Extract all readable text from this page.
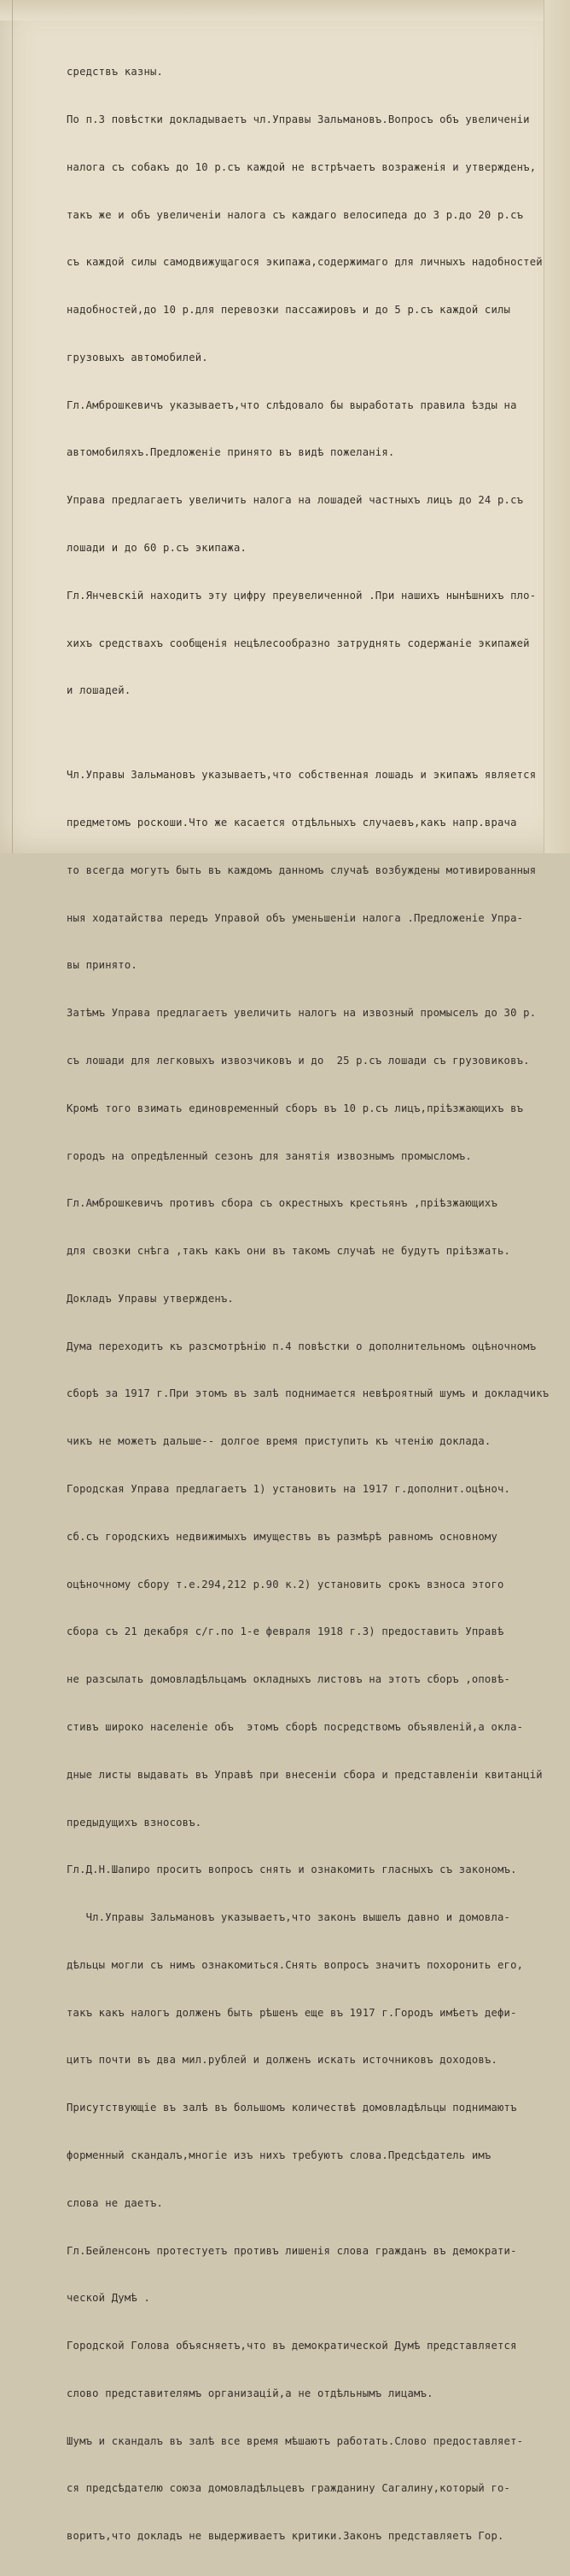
средствъ казны.

По п.3 повѣстки докладываетъ чл.Управы Зальмановъ.Вопросъ объ увеличеніи

налога съ собакъ до 10 р.съ каждой не встрѣчаетъ возраженія и утвержденъ,

такъ же и объ увеличеніи налога съ каждаго велосипеда до 3 р.до 20 р.съ

съ каждой силы самодвижущагося экипажа,содержимаго для личныхъ надобностей

надобностей,до 10 р.для перевозки пассажировъ и до 5 р.съ каждой силы

грузовыхъ автомобилей.

Гл.Амброшкевичъ указываетъ,что слѣдовало бы выработать правила ѣзды на

автомобиляхъ.Предложеніе принято въ видѣ пожеланія.

Управа предлагаетъ увеличить налога на лошадей частныхъ лицъ до 24 р.съ

лошади и до 60 р.съ экипажа.

Гл.Янчевскій находитъ эту цифру преувеличенной .При нашихъ нынѣшнихъ пло-

хихъ средствахъ сообщенія нецѣлесообразно затруднять содержаніе экипажей

и лошадей.

Чл.Управы Зальмановъ указываетъ,что собственная лошадь и экипажъ является

предметомъ роскоши.Что же касается отдѣльныхъ случаевъ,какъ напр.врача

то всегда могутъ быть въ каждомъ данномъ случаѣ возбуждены мотивированныя

ныя ходатайства передъ Управой объ уменьшеніи налога .Предложеніе Упра-

вы принято.

Затѣмъ Управа предлагаетъ увеличить налогъ на извозный промыселъ до 30 р.

съ лошади для легковыхъ извозчиковъ и до  25 р.съ лошади съ грузовиковъ.

Кромѣ того взимать единовременный сборъ въ 10 р.съ лицъ,пріѣзжающихъ въ

городъ на опредѣленный сезонъ для занятія извознымъ промысломъ.

Гл.Амброшкевичъ противъ сбора съ окрестныхъ крестьянъ ,пріѣзжающихъ

для свозки снѣга ,такъ какъ они въ такомъ случаѣ не будутъ пріѣзжать.

Докладъ Управы утвержденъ.

Дума переходитъ къ разсмотрѣнію п.4 повѣстки о дополнительномъ оцѣночномъ

сборѣ за 1917 г.При этомъ въ залѣ поднимается невѣроятный шумъ и докладчикъ

чикъ не можетъ дальше-- долгое время приступить къ чтенію доклада.

Городская Управа предлагаетъ 1) установить на 1917 г.дополнит.оцѣноч.

сб.съ городскихъ недвижимыхъ имуществъ въ размѣрѣ равномъ основному

оцѣночному сбору т.е.294,212 р.90 к.2) установить срокъ взноса этого

сбора съ 21 декабря с/г.по 1-е февраля 1918 г.3) предоставить Управѣ

не разсылать домовладѣльцамъ окладныхъ листовъ на этотъ сборъ ,оповѣ-

стивъ широко населеніе объ  этомъ сборѣ посредствомъ объявленій,а окла-

дные листы выдавать въ Управѣ при внесеніи сбора и представленіи квитанцій

предыдущихъ взносовъ.

Гл.Д.Н.Шапиро проситъ вопросъ снять и ознакомить гласныхъ съ закономъ.

Чл.Управы Зальмановъ указываетъ,что законъ вышелъ давно и домовла-

дѣльцы могли съ нимъ ознакомиться.Снять вопросъ значитъ похоронить его,

такъ какъ налогъ долженъ быть рѣшенъ еще въ 1917 г.Городъ имѣетъ дефи-

цитъ почти въ два мил.рублей и долженъ искать источниковъ доходовъ.

Присутствующіе въ залѣ въ большомъ количествѣ домовладѣльцы поднимаютъ

форменный скандалъ,многіе изъ нихъ требуютъ слова.Предсѣдатель имъ

слова не даетъ.

Гл.Бейленсонъ протестуетъ противъ лишенія слова гражданъ въ демократи-

ческой Думѣ .

Городской Голова объясняетъ,что въ демократической Думѣ представляется

слово представителямъ организацій,а не отдѣльнымъ лицамъ.

Шумъ и скандалъ въ залѣ все время мѣшаютъ работать.Слово предоставляет-

ся предсѣдателю союза домовладѣльцевъ гражданину Сагалину,который го-

воритъ,что докладъ не выдерживаетъ критики.Законъ представляетъ Гор.
